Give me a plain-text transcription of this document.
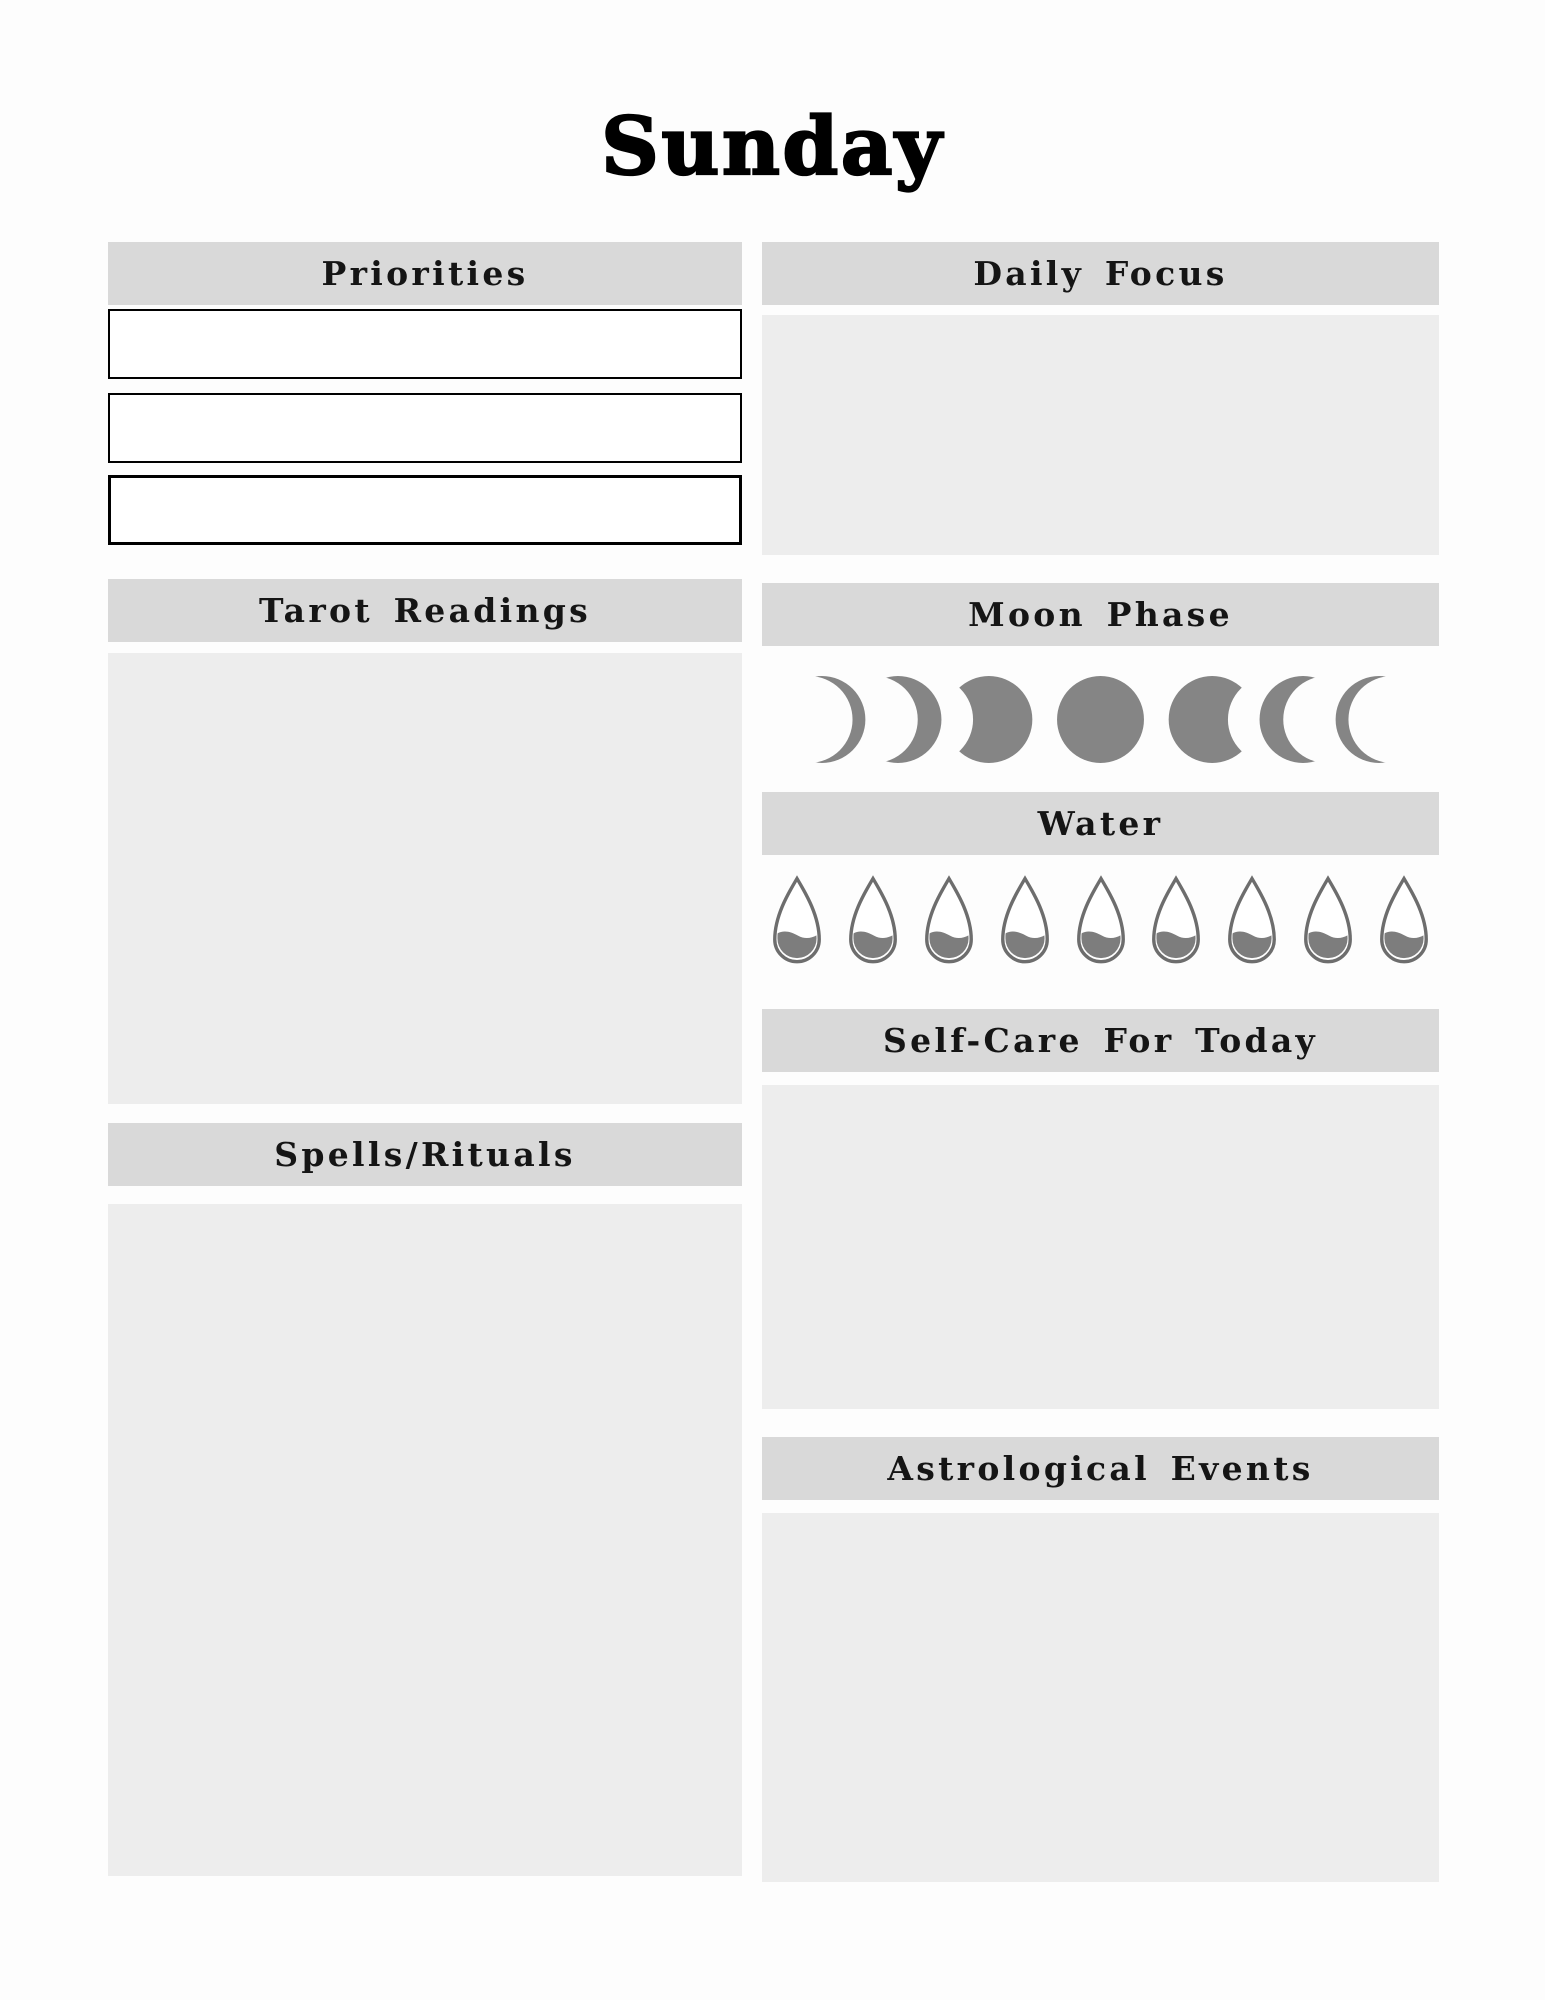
Sunday
Priorities
Tarot Readings
Spells/Rituals
Daily Focus
Moon Phase
Water
Self-Care For Today
Astrological Events
